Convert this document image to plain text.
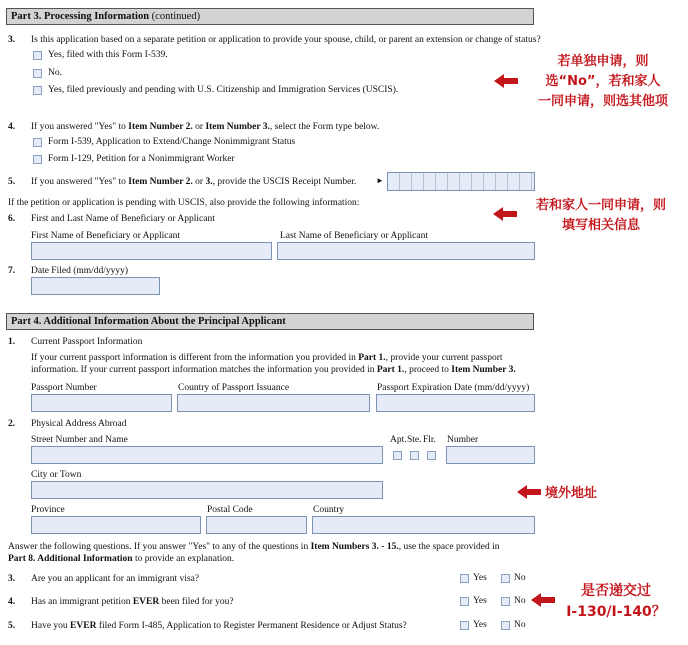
Part 3. Processing Information (continued)
3. Is this application based on a separate petition or application to provide your spouse, child, or parent an extension or change of status?
Yes, filed with this Form I-539.
No.
Yes, filed previously and pending with U.S. Citizenship and Immigration Services (USCIS).
4. If you answered "Yes" to Item Number 2. or Item Number 3., select the Form type below.
Form I-539, Application to Extend/Change Nonimmigrant Status
Form I-129, Petition for a Nonimmigrant Worker
5. If you answered "Yes" to Item Number 2. or 3., provide the USCIS Receipt Number. ►
If the petition or application is pending with USCIS, also provide the following information:
6. First and Last Name of Beneficiary or Applicant
First Name of Beneficiary or Applicant	Last Name of Beneficiary or Applicant
7. Date Filed (mm/dd/yyyy)
Part 4. Additional Information About the Principal Applicant
1. Current Passport Information
If your current passport information is different from the information you provided in Part 1., provide your current passport
information. If your current passport information matches the information you provided in Part 1., proceed to Item Number 3.
Passport Number	Country of Passport Issuance	Passport Expiration Date (mm/dd/yyyy)
2. Physical Address Abroad
Street Number and Name	Apt. Ste. Flr. Number
City or Town
Province	Postal Code	Country
Answer the following questions. If you answer "Yes" to any of the questions in Item Numbers 3. - 15., use the space provided in
Part 8. Additional Information to provide an explanation.
3. Are you an applicant for an immigrant visa?	Yes	No
4. Has an immigrant petition EVER been filed for you?	Yes	No
5. Have you EVER filed Form I-485, Application to Register Permanent Residence or Adjust Status?	Yes	No
若单独申请，则
选“No”，若和家人
一同申请，则选其他项
若和家人一同申请，则
填写相关信息
境外地址
是否递交过
I-130/I-140？
